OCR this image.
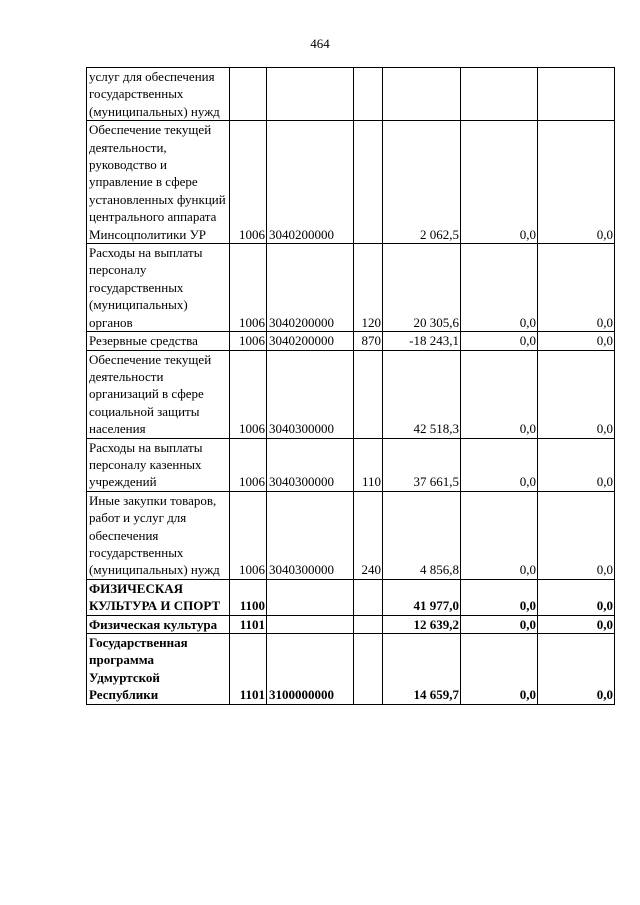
464
услуг для обеспечения государственных (муниципальных) нужд						
Обеспечение текущей деятельности, руководство и управление в сфере установленных функций центрального аппарата Минсоцполитики УР	1006	3040200000		2 062,5	0,0	0,0
Расходы на выплаты персоналу государственных (муниципальных) органов	1006	3040200000	120	20 305,6	0,0	0,0
Резервные средства	1006	3040200000	870	-18 243,1	0,0	0,0
Обеспечение текущей деятельности организаций в сфере социальной защиты населения	1006	3040300000		42 518,3	0,0	0,0
Расходы на выплаты персоналу казенных учреждений	1006	3040300000	110	37 661,5	0,0	0,0
Иные закупки товаров, работ и услуг для обеспечения государственных (муниципальных) нужд	1006	3040300000	240	4 856,8	0,0	0,0
ФИЗИЧЕСКАЯ КУЛЬТУРА И СПОРТ	1100			41 977,0	0,0	0,0
Физическая культура	1101			12 639,2	0,0	0,0
Государственная программа Удмуртской Республики	1101	3100000000		14 659,7	0,0	0,0
